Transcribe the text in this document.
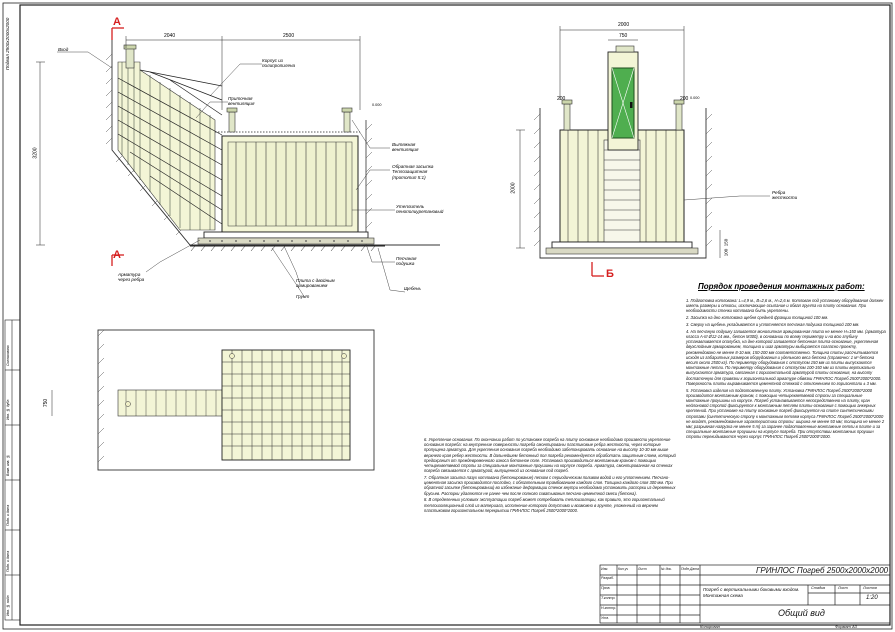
Подвал 2500х2000х2000	А
А
Б
2040	2500
3200
2000
750
200	200
2000
150
100
750
0.000
0.000
Вход
Корпус из
полипропилена
Приточная
вентиляция
Вытяжная
вентиляция
Обратная засыпка
Теплозащитная
(прототип 5:1)
Утеплитель
пенополиуретановый
Песчаная
подушка
Арматура
через ребра	Плита с двойным
армированием
Грунт
Щебень
Ребра
жесткости
Порядок проведения монтажных работ:

1. Подготовка котлована: L=4,9 м., B=2,6 м., H=2,6 м. Котлован под установку оборудования должен иметь размеры и откосы, исключающие осыпание и обвал грунта на плиту основания. При необходимости стенки котлована быть укреплены.

2. Засыпка на дно котлована щебня средней фракции толщиной 100 мм.

3. Сверху на щебень укладывается и уплотняется песчаная подушка толщиной 100 мм.

4. На песчаную подушку заливается монолитная армированная плита не менее H=150 мм. (арматура класса A-III Ø12-14 мм., бетон М300), в основании по всему периметру и на всю глубину устанавливается опалубка, на дне которой заливается бетонная плита-основание, укрепленная двухслойным армированием, толщина и шаг арматуры выбирается согласно проекту, рекомендовано не менее 8-10 мм, 150-200 мм соответственно. Толщина плиты рассчитывается исходя из габаритных размеров оборудования и удельного веса бетона (справочно: 1 м³ бетона весит около 2500 кг). По периметру оборудования с отступом 150 мм из плиты выпускаются монтажные петли. По периметру оборудования с отступом 100-150 мм из плиты вертикально выпускаются арматура, связанная с горизонтальной арматурой плиты основания, на высоту достаточную для привязки к горизонтальной арматуре обвязки ГРИНЛОС Погреб 2500*2000*2000. Поверхность плиты выравнивается цементной стяжкой с отклонением по горизонтали ± 3 мм.

5. Установка изделия на подготовленную плиту. Установка ГРИНЛОС Погреб 2500*2000*2000 производится монтажным краном, с помощью четырехветвевой стропы за специальные монтажные проушины на корпусе. Погреб устанавливается непосредственно на плиту, кран нейлоновой стропой фиксируется к монтажным петлям плиты-основания с помощью анкерных креплений. При установке на плиту основание погреб фиксируется на плите синтетическими стропами (синтетическую стропу к монтажным петлям корпуса ГРИНЛОС Погреб 2500*2000*2000 не входят, рекомендованные характеристики стропы: ширина не менее 50 мм; толщина не менее 2 мм; разрывная нагрузка не менее 5 т) за заранее подготовленные монтажные петли в плите и за специальные монтажные проушины на корпусе погреба. При отсутствии монтажных проушин стропы перекидываются через корпус ГРИНЛОС Погреб 2500*2000*2000.

6. Укрепление основания. По окончании работ по установке погреба на плиту основание необходимо произвести укрепление основания погреба: на внутренние поверхности погреба смонтированы пластиковые ребра жесткости, через которые пропущена арматура. Для укрепления основания погреба необходимо забетонировать основание на высоту 10-30 мм выше верхнего края ребер жесткости. В дальнейшем бетонный пол погреба рекомендуется обработать защитным слоем, который предохранит от преждевременного износа бетонное поле. Установка производиться монтажным краном с помощью четырехветвевой стропы за специальные монтажные проушины на корпусе погреба. Арматура, смонтированная на стенках погреба связывается с арматурой, выпущенной из основания под погреб.

7. Обратная засыпка пазух котлована (бетонирование) песком с периодическим поливом водой и его уплотнением. Песчано-цементная засыпка производится послойно, с обязательным трамбованием каждого слоя. Толщина каждого слоя 300 мм. При обратной засыпке (бетонировании) во избежание деформации стенок внутри необходимо установить распорки из деревянных брусьев. Распорки удаляются не ранее чем после полного схватывания песчано-цементной смеси (бетона).

8. В определенных условиях эксплуатации погреб может потребовать теплоизоляции, как правило, это горизонтальный теплоизоляционный слой из материала, исполнение которого допустимо и возможно в грунте, уложенный на верхнем пластиковом горизонтальном перекрытии ГРИНЛОС Погреб 2500*2000*2000.

ГРИНЛОС Погреб 2500х2000х2000
Погреб с вертикальными боковыми входом. Монтажная схема
Стадия	Лист	Листов
1:20
Общий вид
Разраб.
Пров.
Т.контр.
Н.контр.
Утв.
Изм.	Кол.уч	Лист	№ док.	Подп. Дата
Копировал	Формат А3
Согласовано
Инв. № дубл.
Взам. инв. №
Подп. и дата
Подп. и дата
Инв. № подл.
